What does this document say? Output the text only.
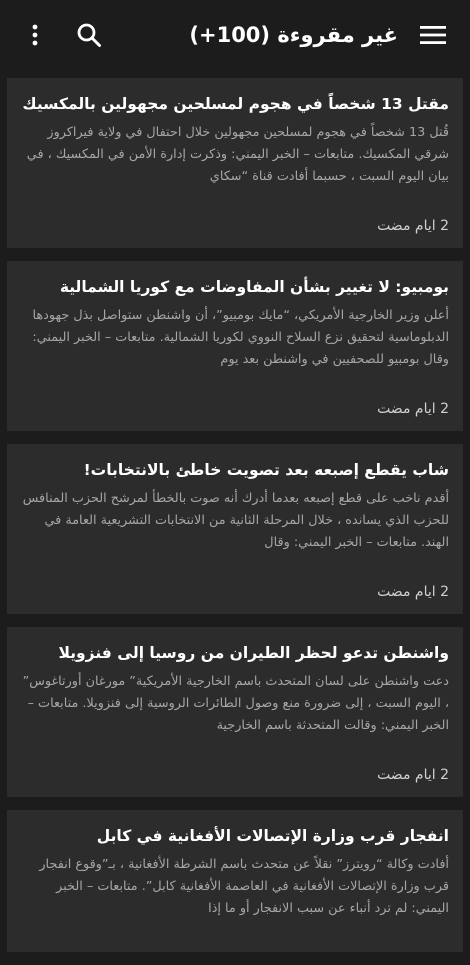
غير مقروءة (100+)
مقتل 13 شخصاً في هجوم لمسلحين مجهولين بالمكسيك

قُتل 13 شخصاً في هجوم لمسلحين مجهولين خلال احتفال في ولاية فيراكروز شرقي المكسيك. متابعات – الخبر اليمني: وذكرت إدارة الأمن في المكسيك ، في بيان اليوم السبت ، حسبما أفادت قناة “سكاي

2 ايام مضت
بومبيو: لا تغيير بشأن المفاوضات مع كوريا الشمالية

أعلن وزير الخارجية الأمريكي، “مايك بومبيو”، أن واشنطن ستواصل بذل جهودها الدبلوماسية لتحقيق نزع السلاح النووي لكوريا الشمالية. متابعات – الخبر اليمني: وقال بومبيو للصحفيين في واشنطن بعد يوم

2 ايام مضت
شاب يقطع إصبعه بعد تصويت خاطئ بالانتخابات!

أقدم ناخب على قطع إصبعه بعدما أدرك أنه صوت بالخطأ لمرشح الحزب المنافس للحزب الذي يسانده ، خلال المرحلة الثانية من الانتخابات التشريعية العامة في الهند. متابعات – الخبر اليمني: وقال

2 ايام مضت
واشنطن تدعو لحظر الطيران من روسيا إلى فنزويلا

دعت واشنطن على لسان المتحدث باسم الخارجية الأمريكية” مورغان أورتاغوس” ، اليوم السبت ، إلى ضرورة منع وصول الطائرات الروسية إلى فنزويلا. متابعات – الخبر اليمني: وقالت المتحدثة باسم الخارجية

2 ايام مضت
انفجار قرب وزارة الإتصالات الأفغانية في كابل

أفادت وكالة “رويترز” نقلاً عن متحدث باسم الشرطة الأفغانية ، بـ”وقوع انفجار قرب وزارة الإتصالات الأفغانية في العاصمة الأفغانية كابل”. متابعات – الخبر اليمني: لم ترد أنباء عن سبب الانفجار أو ما إذا
